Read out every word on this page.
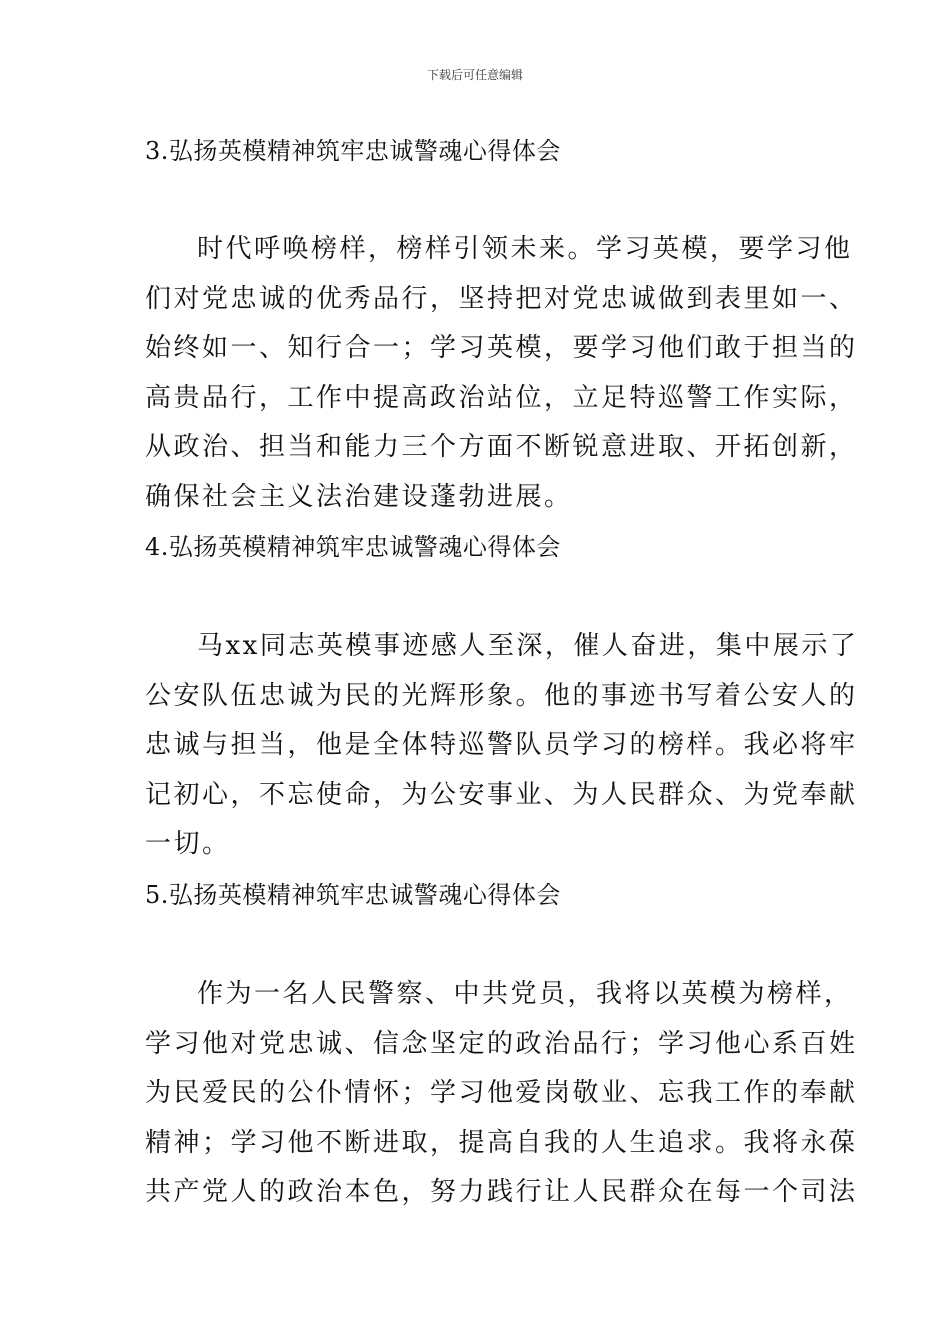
下载后可任意编辑
3.弘扬英模精神筑牢忠诚警魂心得体会
时代呼唤榜样，榜样引领未来。学习英模，要学习他
们对党忠诚的优秀品行，坚持把对党忠诚做到表里如一、
始终如一、知行合一；学习英模，要学习他们敢于担当的
高贵品行，工作中提高政治站位，立足特巡警工作实际，
从政治、担当和能力三个方面不断锐意进取、开拓创新，
确保社会主义法治建设蓬勃进展。
4.弘扬英模精神筑牢忠诚警魂心得体会
马xx同志英模事迹感人至深，催人奋进，集中展示了
公安队伍忠诚为民的光辉形象。他的事迹书写着公安人的
忠诚与担当，他是全体特巡警队员学习的榜样。我必将牢
记初心，不忘使命，为公安事业、为人民群众、为党奉献
一切。
5.弘扬英模精神筑牢忠诚警魂心得体会
作为一名人民警察、中共党员，我将以英模为榜样，
学习他对党忠诚、信念坚定的政治品行；学习他心系百姓
为民爱民的公仆情怀；学习他爱岗敬业、忘我工作的奉献
精神；学习他不断进取，提高自我的人生追求。我将永葆
共产党人的政治本色，努力践行让人民群众在每一个司法
